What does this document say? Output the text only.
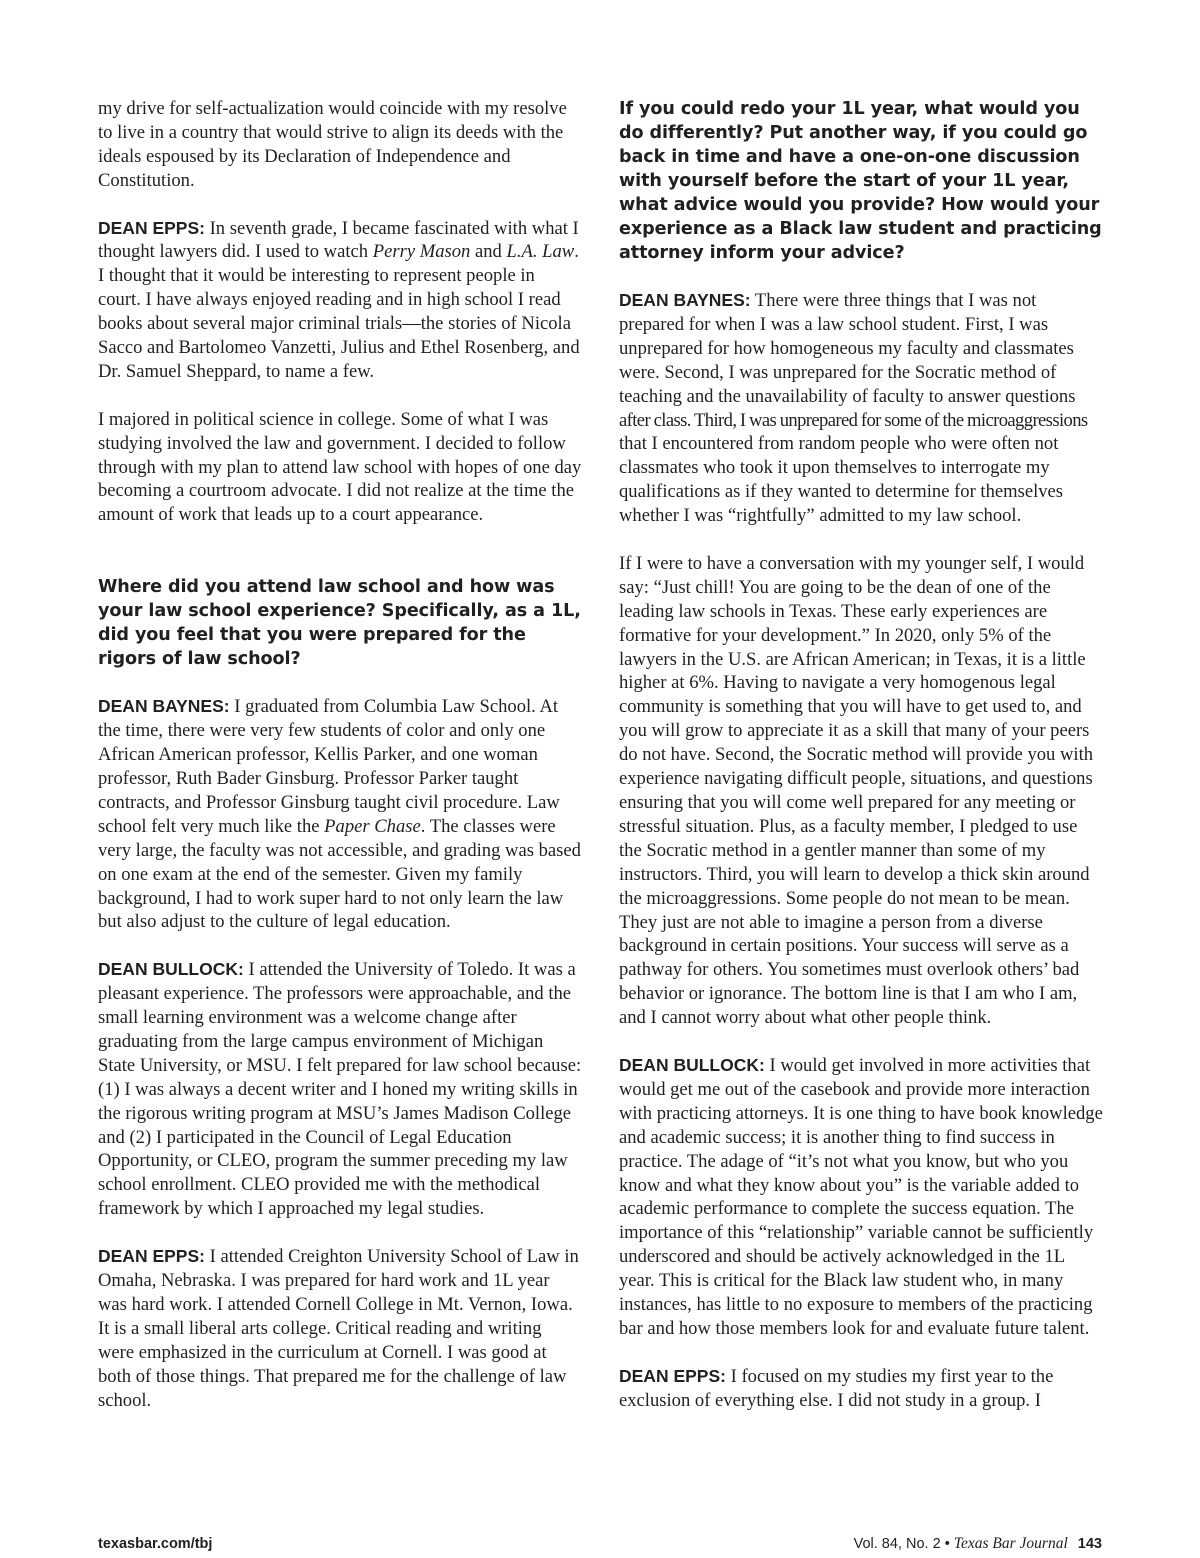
my drive for self-actualization would coincide with my resolve to live in a country that would strive to align its deeds with the ideals espoused by its Declaration of Independence and Constitution.

DEAN EPPS: In seventh grade, I became fascinated with what I thought lawyers did. I used to watch Perry Mason and L.A. Law. I thought that it would be interesting to represent people in court. I have always enjoyed reading and in high school I read books about several major criminal trials—the stories of Nicola Sacco and Bartolomeo Vanzetti, Julius and Ethel Rosenberg, and Dr. Samuel Sheppard, to name a few.

I majored in political science in college. Some of what I was studying involved the law and government. I decided to follow through with my plan to attend law school with hopes of one day becoming a courtroom advocate. I did not realize at the time the amount of work that leads up to a court appearance.

Where did you attend law school and how was your law school experience? Specifically, as a 1L, did you feel that you were prepared for the rigors of law school?

DEAN BAYNES: I graduated from Columbia Law School. At the time, there were very few students of color and only one African American professor, Kellis Parker, and one woman professor, Ruth Bader Ginsburg. Professor Parker taught contracts, and Professor Ginsburg taught civil procedure. Law school felt very much like the Paper Chase. The classes were very large, the faculty was not accessible, and grading was based on one exam at the end of the semester. Given my family background, I had to work super hard to not only learn the law but also adjust to the culture of legal education.

DEAN BULLOCK: I attended the University of Toledo. It was a pleasant experience. The professors were approachable, and the small learning environment was a welcome change after graduating from the large campus environment of Michigan State University, or MSU. I felt prepared for law school because: (1) I was always a decent writer and I honed my writing skills in the rigorous writing program at MSU’s James Madison College and (2) I participated in the Council of Legal Education Opportunity, or CLEO, program the summer preceding my law school enrollment. CLEO provided me with the methodical framework by which I approached my legal studies.

DEAN EPPS: I attended Creighton University School of Law in Omaha, Nebraska. I was prepared for hard work and 1L year was hard work. I attended Cornell College in Mt. Vernon, Iowa. It is a small liberal arts college. Critical reading and writing were emphasized in the curriculum at Cornell. I was good at both of those things. That prepared me for the challenge of law school.

If you could redo your 1L year, what would you do differently? Put another way, if you could go back in time and have a one-on-one discussion with yourself before the start of your 1L year, what advice would you provide? How would your experience as a Black law student and practicing attorney inform your advice?

DEAN BAYNES: There were three things that I was not prepared for when I was a law school student. First, I was unprepared for how homogeneous my faculty and classmates were. Second, I was unprepared for the Socratic method of teaching and the unavailability of faculty to answer questions after class. Third, I was unprepared for some of the microaggressions that I encountered from random people who were often not classmates who took it upon themselves to interrogate my qualifications as if they wanted to determine for themselves whether I was “rightfully” admitted to my law school.

If I were to have a conversation with my younger self, I would say: “Just chill! You are going to be the dean of one of the leading law schools in Texas. These early experiences are formative for your development.” In 2020, only 5% of the lawyers in the U.S. are African American; in Texas, it is a little higher at 6%. Having to navigate a very homogenous legal community is something that you will have to get used to, and you will grow to appreciate it as a skill that many of your peers do not have. Second, the Socratic method will provide you with experience navigating difficult people, situations, and questions ensuring that you will come well prepared for any meeting or stressful situation. Plus, as a faculty member, I pledged to use the Socratic method in a gentler manner than some of my instructors. Third, you will learn to develop a thick skin around the microaggressions. Some people do not mean to be mean. They just are not able to imagine a person from a diverse background in certain positions. Your success will serve as a pathway for others. You sometimes must overlook others’ bad behavior or ignorance. The bottom line is that I am who I am, and I cannot worry about what other people think.

DEAN BULLOCK: I would get involved in more activities that would get me out of the casebook and provide more interaction with practicing attorneys. It is one thing to have book knowledge and academic success; it is another thing to find success in practice. The adage of “it’s not what you know, but who you know and what they know about you” is the variable added to academic performance to complete the success equation. The importance of this “relationship” variable cannot be sufficiently underscored and should be actively acknowledged in the 1L year. This is critical for the Black law student who, in many instances, has little to no exposure to members of the practicing bar and how those members look for and evaluate future talent.

DEAN EPPS: I focused on my studies my first year to the exclusion of everything else. I did not study in a group. I

texasbar.com/tbj	Vol. 84, No. 2 • Texas Bar Journal 143
